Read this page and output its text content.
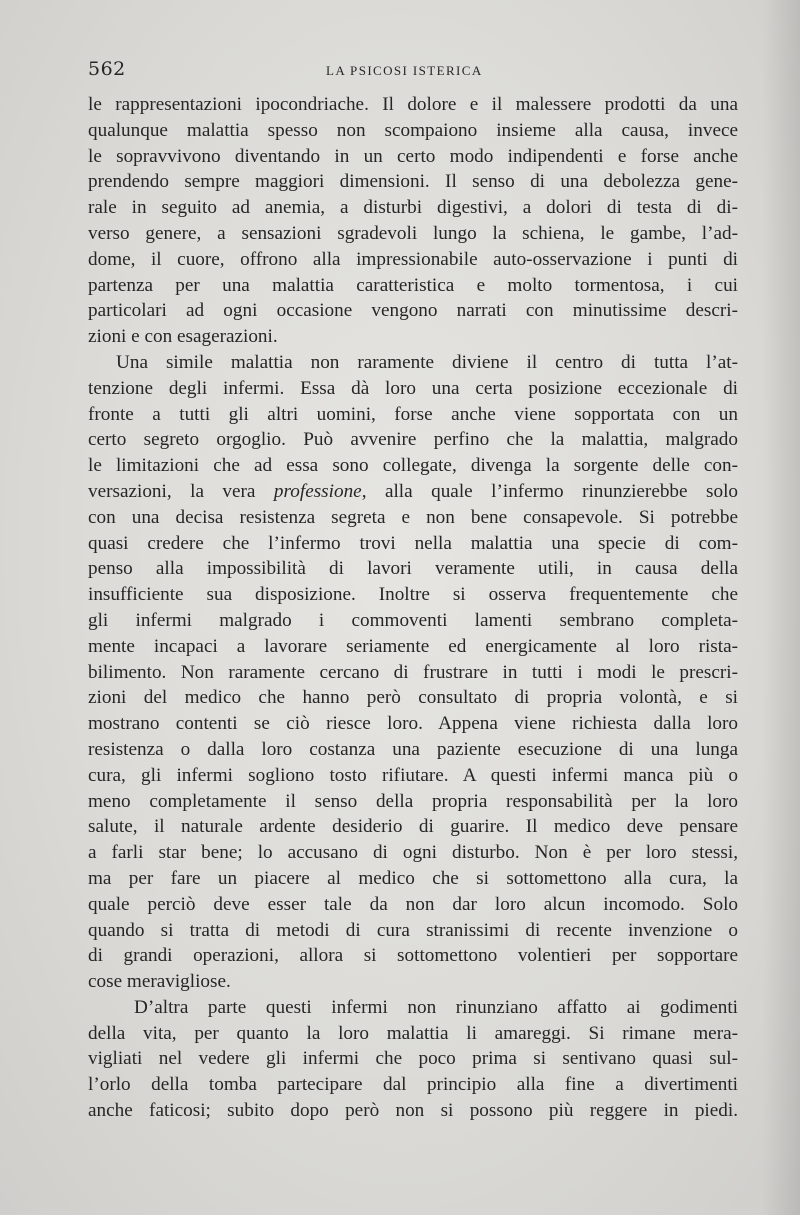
562	LA PSICOSI ISTERICA
le rappresentazioni ipocondriache. Il dolore e il malessere prodotti da una
qualunque malattia spesso non scompaiono insieme alla causa, invece
le sopravvivono diventando in un certo modo indipendenti e forse anche
prendendo sempre maggiori dimensioni. Il senso di una debolezza gene-
rale in seguito ad anemia, a disturbi digestivi, a dolori di testa di di-
verso genere, a sensazioni sgradevoli lungo la schiena, le gambe, l’ad-
dome, il cuore, offrono alla impressionabile auto-osservazione i punti di
partenza per una malattia caratteristica e molto tormentosa, i cui
particolari ad ogni occasione vengono narrati con minutissime descri-
zioni e con esagerazioni.
Una simile malattia non raramente diviene il centro di tutta l’at-
tenzione degli infermi. Essa dà loro una certa posizione eccezionale di
fronte a tutti gli altri uomini, forse anche viene sopportata con un
certo segreto orgoglio. Può avvenire perfino che la malattia, malgrado
le limitazioni che ad essa sono collegate, divenga la sorgente delle con-
versazioni, la vera professione, alla quale l’infermo rinunzierebbe solo
con una decisa resistenza segreta e non bene consapevole. Si potrebbe
quasi credere che l’infermo trovi nella malattia una specie di com-
penso alla impossibilità di lavori veramente utili, in causa della
insufficiente sua disposizione. Inoltre si osserva frequentemente che
gli infermi malgrado i commoventi lamenti sembrano completa-
mente incapaci a lavorare seriamente ed energicamente al loro rista-
bilimento. Non raramente cercano di frustrare in tutti i modi le prescri-
zioni del medico che hanno però consultato di propria volontà, e si
mostrano contenti se ciò riesce loro. Appena viene richiesta dalla loro
resistenza o dalla loro costanza una paziente esecuzione di una lunga
cura, gli infermi sogliono tosto rifiutare. A questi infermi manca più o
meno completamente il senso della propria responsabilità per la loro
salute, il naturale ardente desiderio di guarire. Il medico deve pensare
a farli star bene; lo accusano di ogni disturbo. Non è per loro stessi,
ma per fare un piacere al medico che si sottomettono alla cura, la
quale perciò deve esser tale da non dar loro alcun incomodo. Solo
quando si tratta di metodi di cura stranissimi di recente invenzione o
di grandi operazioni, allora si sottomettono volentieri per sopportare
cose meravigliose.
D’altra parte questi infermi non rinunziano affatto ai godimenti
della vita, per quanto la loro malattia li amareggi. Si rimane mera-
vigliati nel vedere gli infermi che poco prima si sentivano quasi sul-
l’orlo della tomba partecipare dal principio alla fine a divertimenti
anche faticosi; subito dopo però non si possono più reggere in piedi.
